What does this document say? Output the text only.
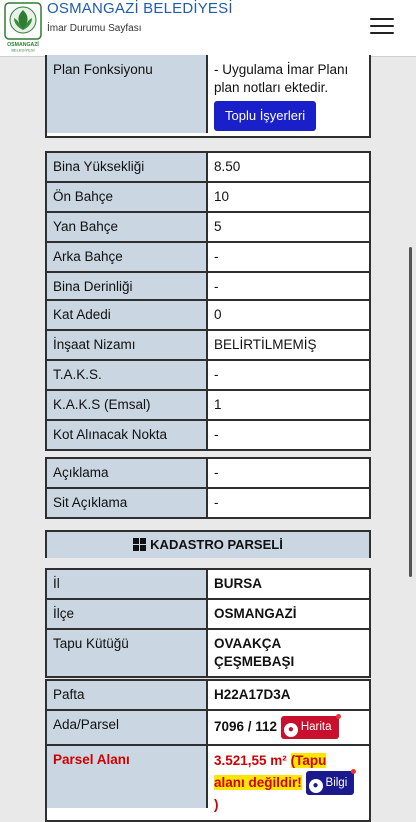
OSMANGAZİ
BELEDİYESİ
OSMANGAZİ BELEDİYESİ
İmar Durumu Sayfası
Plan Fonksiyonu	- Uygulama İmar Planı plan notları ektedir.
Toplu İşyerleri
Bina Yüksekliği	8.50
Ön Bahçe	10
Yan Bahçe	5
Arka Bahçe	-
Bina Derinliği	-
Kat Adedi	0
İnşaat Nizamı	BELİRTİLMEMİŞ
T.A.K.S.	-
K.A.K.S (Emsal)	1
Kot Alınacak Nokta	-
Açıklama	-
Sit Açıklama	-
KADASTRO PARSELİ
İl	BURSA
İlçe	OSMANGAZİ
Tapu Kütüğü	OVAAKÇA ÇEŞMEBAŞI
Pafta	H22A17D3A
Ada/Parsel	7096 / 112 ● Harita
Parsel Alanı	3.521,55 m² (Tapu
alanı değildir! ● Bilgi

)
